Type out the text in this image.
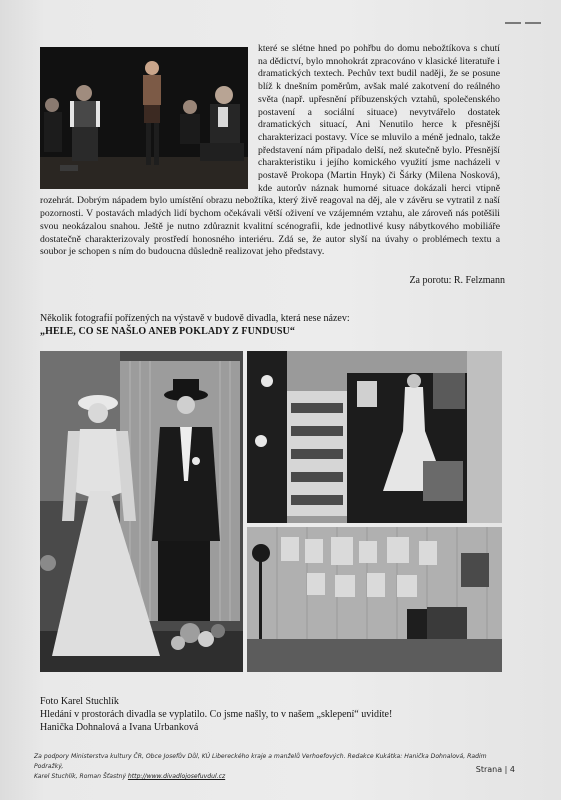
které se slétne hned po pohřbu do domu nebožtíkova s chutí na dědictví, bylo mnohokrát zpracováno v klasické literatuře i dramatických textech. Pechův text budil naději, že se posune blíž k dnešním poměrům, avšak malé zakotvení do reálného světa (např. upřesnění příbuzenských vztahů, společenského postavení a sociální situace) nevytvářelo dostatek dramatických situací, Ani Nenutilo herce k přesnější charakterizaci postavy. Více se mluvilo a méně jednalo, takže představení nám připadalo delší, než skutečně bylo. Přesnější charakteristiku i jejího komického využití jsme nacházeli v postavě Prokopa (Martin Hnyk) či Šárky (Milena Nosková), kde autorův náznak humorné situace dokázali herci vtipně rozehrát. Dobrým nápadem bylo umístění obrazu nebožtíka, který živě reagoval na děj, ale v závěru se vytratil z naší pozornosti. V postavách mladých lidí bychom očekávali větší oživení ve vzájemném vztahu, ale zároveň nás potěšili svou neokázalou snahou. Ještě je nutno zdůraznit kvalitní scénografii, kde jednotlivé kusy nábytkového mobiliáře dostatečně charakterizovaly prostředí honosného interiéru. Zdá se, že autor slyší na úvahy o problémech textu a soubor je schopen s ním do budoucna důsledně realizovat jeho představy.

Za porotu: R. Felzmann

Několik fotografií pořízených na výstavě v budově divadla, která nese název:
„HELE, CO SE NAŠLO ANEB POKLADY Z FUNDUSU“

Foto Karel Stuchlík
Hledání v prostorách divadla se vyplatilo. Co jsme našly, to v našem „sklepení“ uvidíte!
Hanička Dohnalová a Ivana Urbanková

Za podpory Ministerstva kultury ČR, Obce Josefův Důl, KÚ Libereckého kraje a manželů Verhoefových. Redakce Kukátka: Hanička Dohnalová, Radim Podražký,
Karel Stuchlík, Roman Šťastný http://www.divadlojosefuvdul.cz

Strana | 4
